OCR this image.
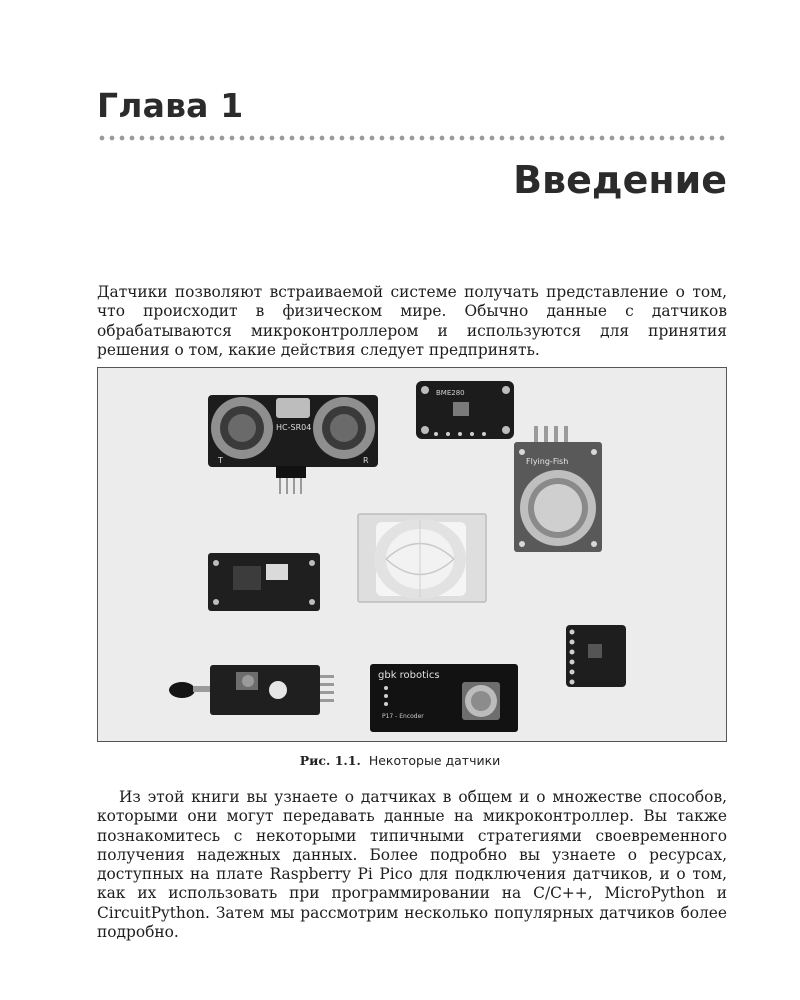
Глава 1
Введение

Датчики позволяют встраиваемой системе получать представление о том, что происходит в физическом мире. Обычно данные с датчиков обрабатываются микроконтроллером и используются для принятия решения о том, какие действия следует предпринять.

HC-SR04
T	R
BME280
Flying-Fish
gbk robotics
P17 - Encoder
Рис. 1.1. Некоторые датчики

Из этой книги вы узнаете о датчиках в общем и о множестве способов, которыми они могут передавать данные на микроконтроллер. Вы также познакомитесь с некоторыми типичными стратегиями своевременного получения надежных данных. Более подробно вы узнаете о ресурсах, доступных на плате Raspberry Pi Pico для подключения датчиков, и о том, как их использовать при программировании на C/C++, MicroPython и CircuitPython. Затем мы рассмотрим несколько популярных датчиков более подробно.
